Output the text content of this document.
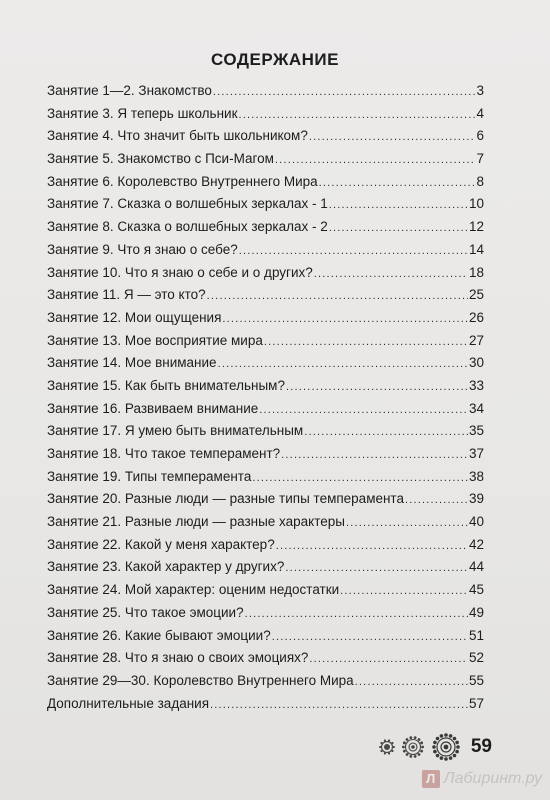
СОДЕРЖАНИЕ
Занятие 1—2. Знакомство .....	3
Занятие 3. Я теперь школьник .....	4
Занятие 4. Что значит быть школьником? .....	6
Занятие 5. Знакомство с Пси-Магом .....	7
Занятие 6. Королевство Внутреннего Мира .....	8
Занятие 7. Сказка о волшебных зеркалах - 1 .....	10
Занятие 8. Сказка о волшебных зеркалах - 2 .....	12
Занятие 9. Что я знаю о себе? .....	14
Занятие 10. Что я знаю о себе и о других? .....	18
Занятие 11. Я — это кто? .....	25
Занятие 12. Мои ощущения .....	26
Занятие 13. Мое восприятие мира .....	27
Занятие 14. Мое внимание .....	30
Занятие 15. Как быть внимательным? .....	33
Занятие 16. Развиваем внимание .....	34
Занятие 17. Я умею быть внимательным .....	35
Занятие 18. Что такое темперамент? .....	37
Занятие 19. Типы темперамента .....	38
Занятие 20. Разные люди — разные типы темперамента .....	39
Занятие 21. Разные люди — разные характеры .....	40
Занятие 22. Какой у меня характер? .....	42
Занятие 23. Какой характер у других? .....	44
Занятие 24. Мой характер: оценим недостатки .....	45
Занятие 25. Что такое эмоции? .....	49
Занятие 26. Какие бывают эмоции? .....	51
Занятие 28. Что я знаю о своих эмоциях? .....	52
Занятие 29—30. Королевство Внутреннего Мира .....	55
Дополнительные задания .....	57
59
Л Лабиринт.ру
